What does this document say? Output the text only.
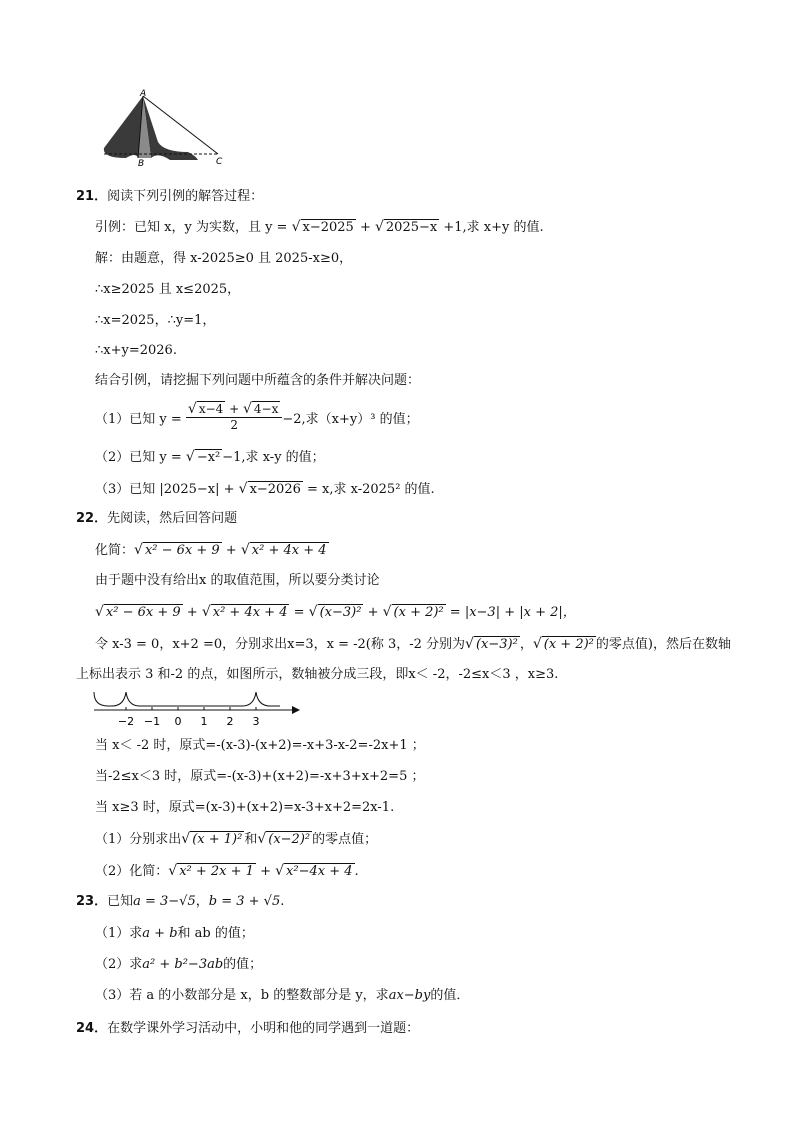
A
B	C
21．阅读下列引例的解答过程：
引例：已知 x，y 为实数，且 y = √ x−2025 + √ 2025−x +1,求 x+y 的值.
解：由题意，得 x-2025≥0 且 2025-x≥0，
∴x≥2025 且 x≤2025，
∴x=2025，∴y=1，
∴x+y=2026.
结合引例，请挖掘下列问题中所蕴含的条件并解决问题：
（1）已知 $y = \frac{√ x-4 + √ 4-x}{2} -2$,求（x+y）³ 的值；
（2）已知 y = √ −x² −1,求 x-y 的值；
（3）已知 |2025−x| + √ x−2026 = x,求 x-2025² 的值.
22．先阅读，然后回答问题
化简：√ x² − 6x + 9 + √ x² + 4x + 4
由于题中没有给出x 的取值范围，所以要分类讨论
√ x² − 6x + 9 + √ x² + 4x + 4 = √ (x−3)² + √ (x + 2)² = |x−3| + |x + 2|，
令 x-3 = 0，x+2 =0，分别求出x=3，x = -2(称 3，-2 分别为√ (x−3)² ，√ (x + 2)² 的零点值)，然后在数轴
上标出表示 3 和-2 的点，如图所示，数轴被分成三段，即x＜ -2，-2≤x＜3 ，x≥3.
−2 −1 0 1 2 3
当 x＜ -2 时，原式=-(x-3)-(x+2)=-x+3-x-2=-2x+1 ；
当-2≤x＜3 时，原式=-(x-3)+(x+2)=-x+3+x+2=5 ；
当 x≥3 时，原式=(x-3)+(x+2)=x-3+x+2=2x-1.
（1）分别求出√ (x + 1)² 和√ (x−2)² 的零点值；
（2）化简：√ x² + 2x + 1 + √ x²−4x + 4 .
23．已知a = 3−√5，b = 3 + √5.
（1）求a + b和 ab 的值；
（2）求a² + b²−3ab的值；
（3）若 a 的小数部分是 x，b 的整数部分是 y，求ax−by的值．
24．在数学课外学习活动中，小明和他的同学遇到一道题：
